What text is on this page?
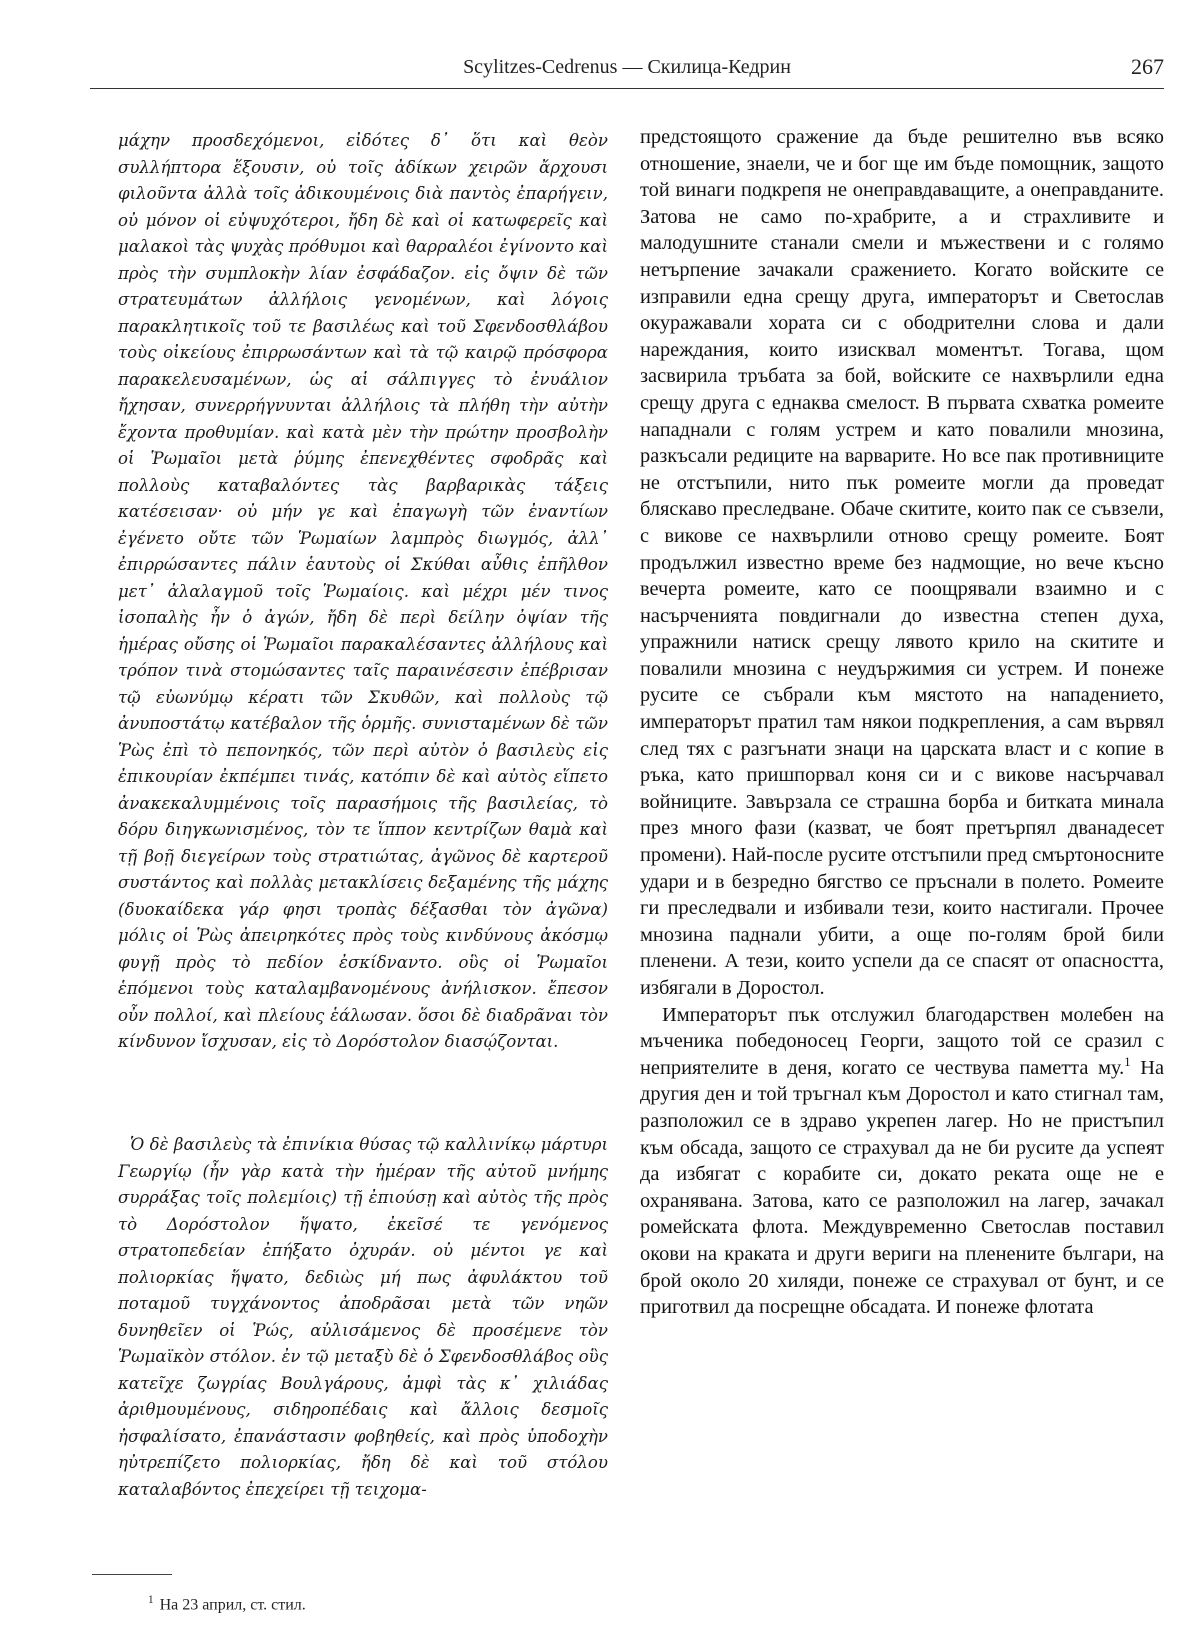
Scylitzes-Cedrenus — Скилица-Кедрин	267

μάχην προσδεχόμενοι, εἰδότες δ᾽ ὅτι καὶ θεὸν συλλήπτορα ἕξουσιν, οὐ τοῖς ἀδίκων χειρῶν ἄρχουσι φιλοῦντα ἀλλὰ τοῖς ἀδικουμένοις διὰ παντὸς ἐπαρήγειν, οὐ μόνον οἱ εὐψυχότεροι, ἤδη δὲ καὶ οἱ κατωφερεῖς καὶ μαλακοὶ τὰς ψυχὰς πρόθυμοι καὶ θαρραλέοι ἐγίνοντο καὶ πρὸς τὴν συμπλοκὴν λίαν ἐσφάδαζον. εἰς ὄψιν δὲ τῶν στρατευμάτων ἀλλήλοις γενομένων, καὶ λόγοις παρακλητικοῖς τοῦ τε βασιλέως καὶ τοῦ Σφενδοσθλάβου τοὺς οἰκείους ἐπιρρωσάντων καὶ τὰ τῷ καιρῷ πρόσφορα παρακελευσαμένων, ὡς αἱ σάλπιγγες τὸ ἐνυάλιον ἤχησαν, συνερρήγνυνται ἀλλήλοις τὰ πλήθη τὴν αὐτὴν ἔχοντα προθυμίαν. καὶ κατὰ μὲν τὴν πρώτην προσβολὴν οἱ Ῥωμαῖοι μετὰ ῥύμης ἐπενεχθέντες σφοδρᾶς καὶ πολλοὺς καταβαλόντες τὰς βαρβαρικὰς τάξεις κατέσεισαν· οὐ μήν γε καὶ ἐπαγωγὴ τῶν ἐναντίων ἐγένετο οὔτε τῶν Ῥωμαίων λαμπρὸς διωγμός, ἀλλ᾽ ἐπιρρώσαντες πάλιν ἑαυτοὺς οἱ Σκύθαι αὖθις ἐπῆλθον μετ᾽ ἀλαλαγμοῦ τοῖς Ῥωμαίοις. καὶ μέχρι μέν τινος ἰσοπαλὴς ἦν ὁ ἀγών, ἤδη δὲ περὶ δείλην ὀψίαν τῆς ἡμέρας οὔσης οἱ Ῥωμαῖοι παρακαλέσαντες ἀλλήλους καὶ τρόπον τινὰ στομώσαντες ταῖς παραινέσεσιν ἐπέβρισαν τῷ εὐωνύμῳ κέρατι τῶν Σκυθῶν, καὶ πολλοὺς τῷ ἀνυποστάτῳ κατέβαλον τῆς ὁρμῆς. συνισταμένων δὲ τῶν Ῥὼς ἐπὶ τὸ πεπονηκός, τῶν περὶ αὐτὸν ὁ βασιλεὺς εἰς ἐπικουρίαν ἐκπέμπει τινάς, κατόπιν δὲ καὶ αὐτὸς εἵπετο ἀνακεκαλυμμένοις τοῖς παρασήμοις τῆς βασιλείας, τὸ δόρυ διηγκωνισμένος, τὸν τε ἵππον κεντρίζων θαμὰ καὶ τῇ βοῇ διεγείρων τοὺς στρατιώτας, ἀγῶνος δὲ καρτεροῦ συστάντος καὶ πολλὰς μετακλίσεις δεξαμένης τῆς μάχης (δυοκαίδεκα γάρ φησι τροπὰς δέξασθαι τὸν ἀγῶνα) μόλις οἱ Ῥὼς ἀπειρηκότες πρὸς τοὺς κινδύνους ἀκόσμῳ φυγῇ πρὸς τὸ πεδίον ἐσκίδναντο. οὓς οἱ Ῥωμαῖοι ἑπόμενοι τοὺς καταλαμβανομένους ἀνήλισκον. ἔπεσον οὖν πολλοί, καὶ πλείους ἑάλωσαν. ὅσοι δὲ διαδρᾶναι τὸν κίνδυνον ἴσχυσαν, εἰς τὸ Δορόστολον διασῴζονται.

Ὁ δὲ βασιλεὺς τὰ ἐπινίκια θύσας τῷ καλλινίκῳ μάρτυρι Γεωργίῳ (ἦν γὰρ κατὰ τὴν ἡμέραν τῆς αὐτοῦ μνήμης συρράξας τοῖς πολεμίοις) τῇ ἐπιούσῃ καὶ αὐτὸς τῆς πρὸς τὸ Δορόστολον ἥψατο, ἐκεῖσέ τε γενόμενος στρατοπεδείαν ἐπήξατο ὀχυράν. οὐ μέντοι γε καὶ πολιορκίας ἥψατο, δεδιὼς μή πως ἀφυλάκτου τοῦ ποταμοῦ τυγχάνοντος ἀποδρᾶσαι μετὰ τῶν νηῶν δυνηθεῖεν οἱ Ῥώς, αὐλισάμενος δὲ προσέμενε τὸν Ῥωμαϊκὸν στόλον. ἐν τῷ μεταξὺ δὲ ὁ Σφενδοσθλάβος οὓς κατεῖχε ζωγρίας Βουλγάρους, ἀμφὶ τὰς κ᾽ χιλιάδας ἀριθμουμένους, σιδηροπέδαις καὶ ἄλλοις δεσμοῖς ἠσφαλίσατο, ἐπανάστασιν φοβηθείς, καὶ πρὸς ὑποδοχὴν ηὐτρεπίζετο πολιορκίας, ἤδη δὲ καὶ τοῦ στόλου καταλαβόντος ἐπεχείρει τῇ τειχομα-

предстоящото сражение да бъде решително във всяко отношение, знаели, че и бог ще им бъде помощник, защото той винаги подкрепя не онеправдаващите, а онеправданите. Затова не само по-храбрите, а и страхливите и малодушните станали смели и мъжествени и с голямо нетърпение зачакали сражението. Когато войските се изправили една срещу друга, императорът и Светослав окуражавали хората си с ободрителни слова и дали нареждания, които изисквал моментът. Тогава, щом засвирила тръбата за бой, войските се нахвърлили една срещу друга с еднаква смелост. В първата схватка ромеите нападнали с голям устрем и като повалили мнозина, разкъсали редиците на варварите. Но все пак противниците не отстъпили, нито пък ромеите могли да проведат бляскаво преследване. Обаче скитите, които пак се съвзели, с викове се нахвърлили отново срещу ромеите. Боят продължил известно време без надмощие, но вече късно вечерта ромеите, като се поощрявали взаимно и с насърченията повдигнали до известна степен духа, упражнили натиск срещу лявото крило на скитите и повалили мнозина с неудържимия си устрем. И понеже русите се събрали към мястото на нападението, императорът пратил там някои подкрепления, а сам вървял след тях с разгънати знаци на царската власт и с копие в ръка, като пришпорвал коня си и с викове насърчавал войниците. Завързала се страшна борба и битката минала през много фази (казват, че боят претърпял дванадесет промени). Най-после русите отстъпили пред смъртоносните удари и в безредно бягство се пръснали в полето. Ромеите ги преследвали и избивали тези, които настигали. Прочее мнозина паднали убити, а още по-голям брой били пленени. А тези, които успели да се спасят от опасността, избягали в Доростол.

Императорът пък отслужил благодарствен молебен на мъченика победоносец Георги, защото той се сразил с неприятелите в деня, когато се чествува паметта му.$^1$ На другия ден и той тръгнал към Доростол и като стигнал там, разположил се в здраво укрепен лагер. Но не пристъпил към обсада, защото се страхувал да не би русите да успеят да избягат с корабите си, докато реката още не е охранявана. Затова, като се разположил на лагер, зачакал ромейската флота. Междувременно Светослав поставил окови на краката и други вериги на пленените българи, на брой около 20 хиляди, понеже се страхувал от бунт, и се приготвил да посрещне обсадата. И понеже флотата

$^1$ На 23 април, ст. стил.
